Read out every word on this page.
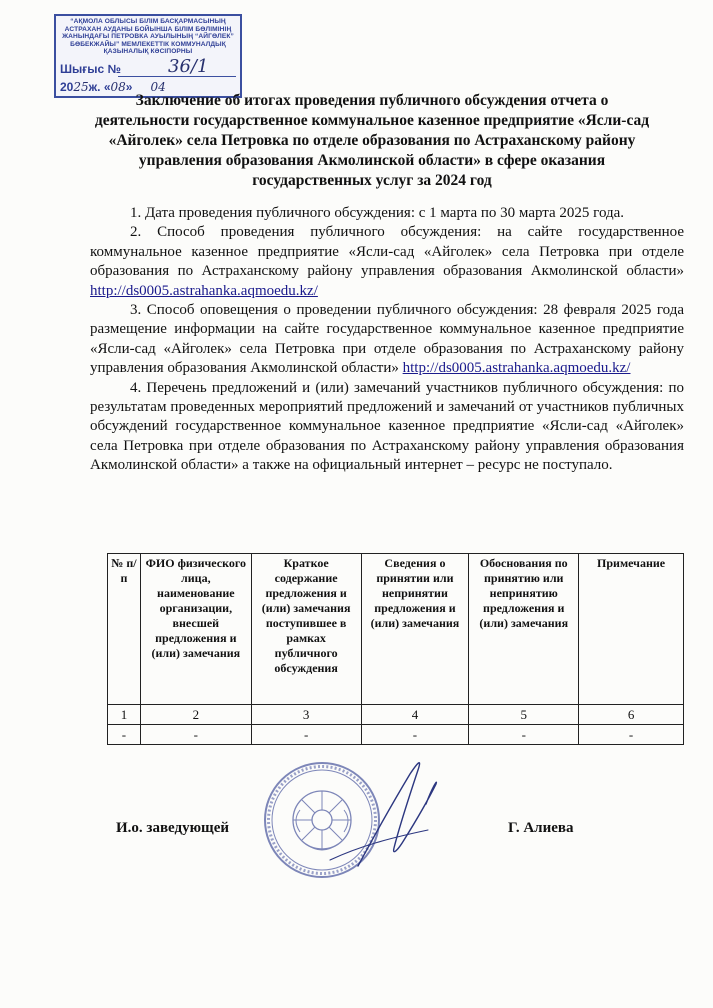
“АҚМОЛА ОБЛЫСЫ БІЛІМ БАСҚАРМАСЫНЫҢ
АСТРАХАН АУДАНЫ БОЙЫНША БІЛІМ БӨЛІМІНІҢ
ЖАНЫНДАҒЫ ПЕТРОВКА АУЫЛЫНЫҢ “АЙГӨЛЕК”
БӨБЕКЖАЙЫ” МЕМЛЕКЕТТІК КОММУНАЛДЫҚ
ҚАЗЫНАЛЫҚ КӘСІПОРНЫ
Шығыс №	36/1
2025ж. «08» 04
Заключение об итогах проведения публичного обсуждения отчета о деятельности государственное коммунальное казенное предприятие «Ясли-сад «Айголек» села Петровка по отделе образования по Астраханскому району управления образования Акмолинской области» в сфере оказания государственных услуг за 2024 год

1. Дата проведения публичного обсуждения: с 1 марта по 30 марта 2025 года.

2. Способ проведения публичного обсуждения: на сайте государственное коммунальное казенное предприятие «Ясли-сад «Айголек» села Петровка при отделе образования по Астраханскому району управления образования Акмолинской области» http://ds0005.astrahanka.aqmoedu.kz/

3. Способ оповещения о проведении публичного обсуждения: 28 февраля 2025 года размещение информации на сайте государственное коммунальное казенное предприятие «Ясли-сад «Айголек» села Петровка при отделе образования по Астраханскому району управления образования Акмолинской области» http://ds0005.astrahanka.aqmoedu.kz/

4. Перечень предложений и (или) замечаний участников публичного обсуждения: по результатам проведенных мероприятий предложений и замечаний от участников публичных обсуждений государственное коммунальное казенное предприятие «Ясли-сад «Айголек» села Петровка при отделе образования по Астраханскому району управления образования Акмолинской области» а также на официальный интернет – ресурс не поступало.

№ п/п	ФИО физического лица, наименование организации, внесшей предложения и (или) замечания	Краткое содержание предложения и (или) замечания поступившее в рамках публичного обсуждения	Сведения о принятии или непринятии предложения и (или) замечания	Обоснования по принятию или непринятию предложения и (или) замечания	Примечание
1	2	3	4	5	6
-	-	-	-	-	-
И.о. заведующей	Г. Алиева
